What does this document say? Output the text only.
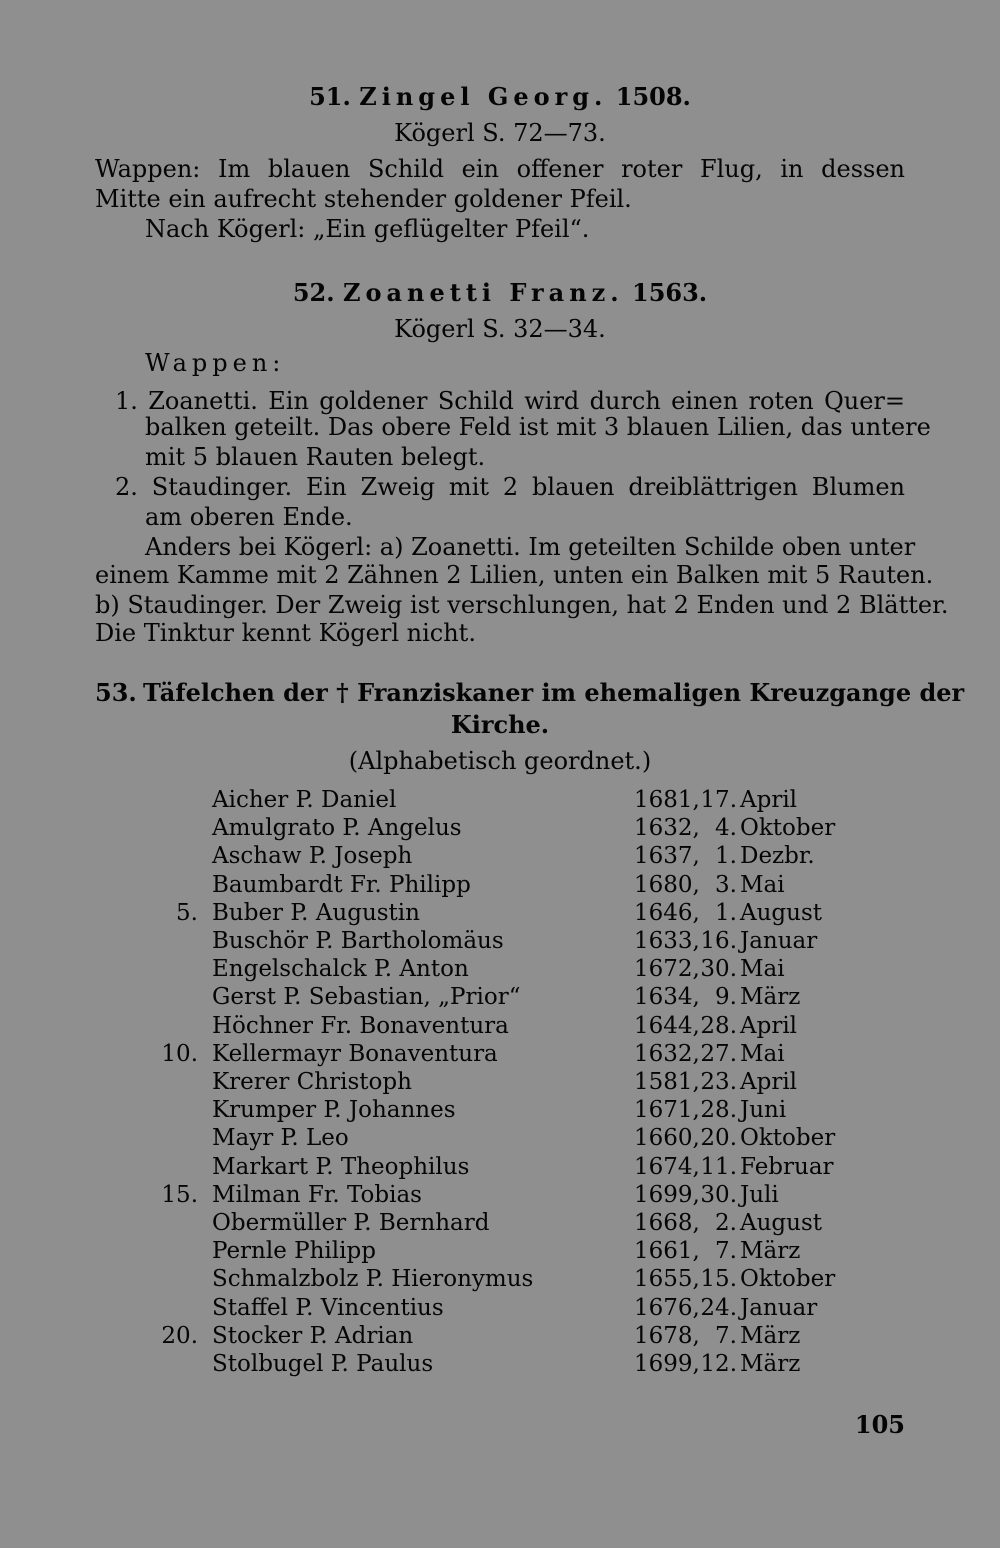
51. Zingel Georg. 1508.
Kögerl S. 72—73.
Wappen: Im blauen Schild ein offener roter Flug, in dessen
Mitte ein aufrecht stehender goldener Pfeil.
Nach Kögerl: „Ein geflügelter Pfeil“.
52. Zoanetti Franz. 1563.
Kögerl S. 32—34.
Wappen:
1. Zoanetti. Ein goldener Schild wird durch einen roten Quer=
balken geteilt. Das obere Feld ist mit 3 blauen Lilien, das untere
mit 5 blauen Rauten belegt.
2. Staudinger. Ein Zweig mit 2 blauen dreiblättrigen Blumen
am oberen Ende.
Anders bei Kögerl: a) Zoanetti. Im geteilten Schilde oben unter
einem Kamme mit 2 Zähnen 2 Lilien, unten ein Balken mit 5 Rauten.
b) Staudinger. Der Zweig ist verschlungen, hat 2 Enden und 2 Blätter.
Die Tinktur kennt Kögerl nicht.
53. Täfelchen der † Franziskaner im ehemaligen Kreuzgange der
Kirche.
(Alphabetisch geordnet.)
Aicher P. Daniel	1681, 17. April
Amulgrato P. Angelus	1632, 4. Oktober
Aschaw P. Joseph	1637, 1. Dezbr.
Baumbardt Fr. Philipp	1680, 3. Mai
5. Buber P. Augustin	1646, 1. August
Buschör P. Bartholomäus	1633, 16. Januar
Engelschalck P. Anton	1672, 30. Mai
Gerst P. Sebastian, „Prior“	1634, 9. März
Höchner Fr. Bonaventura	1644, 28. April
10. Kellermayr Bonaventura	1632, 27. Mai
Krerer Christoph	1581, 23. April
Krumper P. Johannes	1671, 28. Juni
Mayr P. Leo	1660, 20. Oktober
Markart P. Theophilus	1674, 11. Februar
15. Milman Fr. Tobias	1699, 30. Juli
Obermüller P. Bernhard	1668, 2. August
Pernle Philipp	1661, 7. März
Schmalzbolz P. Hieronymus	1655, 15. Oktober
Staffel P. Vincentius	1676, 24. Januar
20. Stocker P. Adrian	1678, 7. März
Stolbugel P. Paulus	1699, 12. März
105
